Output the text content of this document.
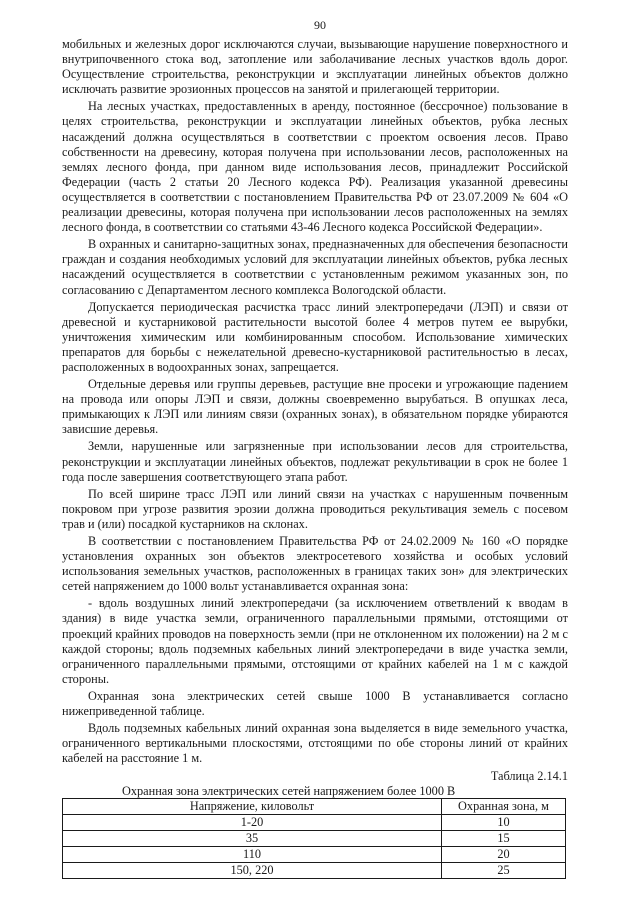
90

мобильных и железных дорог исключаются случаи, вызывающие нарушение поверхностного и внутрипочвенного стока вод, затопление или заболачивание лесных участков вдоль дорог. Осуществление строительства, реконструкции и эксплуатации линейных объектов должно исключать развитие эрозионных процессов на занятой и прилегающей территории.

На лесных участках, предоставленных в аренду, постоянное (бессрочное) пользование в целях строительства, реконструкции и эксплуатации линейных объектов, рубка лесных насаждений должна осуществляться в соответствии с проектом освоения лесов. Право собственности на древесину, которая получена при использовании лесов, расположенных на землях лесного фонда, при данном виде использования лесов, принадлежит Российской Федерации (часть 2 статьи 20 Лесного кодекса РФ). Реализация указанной древесины осуществляется в соответствии с постановлением Правительства РФ от 23.07.2009 № 604 «О реализации древесины, которая получена при использовании лесов расположенных на землях лесного фонда, в соответствии со статьями 43-46 Лесного кодекса Российской Федерации».

В охранных и санитарно-защитных зонах, предназначенных для обеспечения безопасности граждан и создания необходимых условий для эксплуатации линейных объектов, рубка лесных насаждений осуществляется в соответствии с установленным режимом указанных зон, по согласованию с Департаментом лесного комплекса Вологодской области.

Допускается периодическая расчистка трасс линий электропередачи (ЛЭП) и связи от древесной и кустарниковой растительности высотой более 4 метров путем ее вырубки, уничтожения химическим или комбинированным способом. Использование химических препаратов для борьбы с нежелательной древесно-кустарниковой растительностью в лесах, расположенных в водоохранных зонах, запрещается.

Отдельные деревья или группы деревьев, растущие вне просеки и угрожающие падением на провода или опоры ЛЭП и связи, должны своевременно вырубаться. В опушках леса, примыкающих к ЛЭП или линиям связи (охранных зонах), в обязательном порядке убираются зависшие деревья.

Земли, нарушенные или загрязненные при использовании лесов для строительства, реконструкции и эксплуатации линейных объектов, подлежат рекультивации в срок не более 1 года после завершения соответствующего этапа работ.

По всей ширине трасс ЛЭП или линий связи на участках с нарушенным почвенным покровом при угрозе развития эрозии должна проводиться рекультивация земель с посевом трав и (или) посадкой кустарников на склонах.

В соответствии с постановлением Правительства РФ от 24.02.2009 № 160 «О порядке установления охранных зон объектов электросетевого хозяйства и особых условий использования земельных участков, расположенных в границах таких зон» для электрических сетей напряжением до 1000 вольт устанавливается охранная зона:

- вдоль воздушных линий электропередачи (за исключением ответвлений к вводам в здания) в виде участка земли, ограниченного параллельными прямыми, отстоящими от проекций крайних проводов на поверхность земли (при не отклоненном их положении) на 2 м с каждой стороны; вдоль подземных кабельных линий электропередачи в виде участка земли, ограниченного параллельными прямыми, отстоящими от крайних кабелей на 1 м с каждой стороны.

Охранная зона электрических сетей свыше 1000 В устанавливается согласно нижеприведенной таблице.

Вдоль подземных кабельных линий охранная зона выделяется в виде земельного участка, ограниченного вертикальными плоскостями, отстоящими по обе стороны линий от крайних кабелей на расстояние 1 м.

Таблица 2.14.1
Охранная зона электрических сетей напряжением более 1000 В
Напряжение, киловольт	Охранная зона, м
1-20	10
35	15
110	20
150, 220	25
